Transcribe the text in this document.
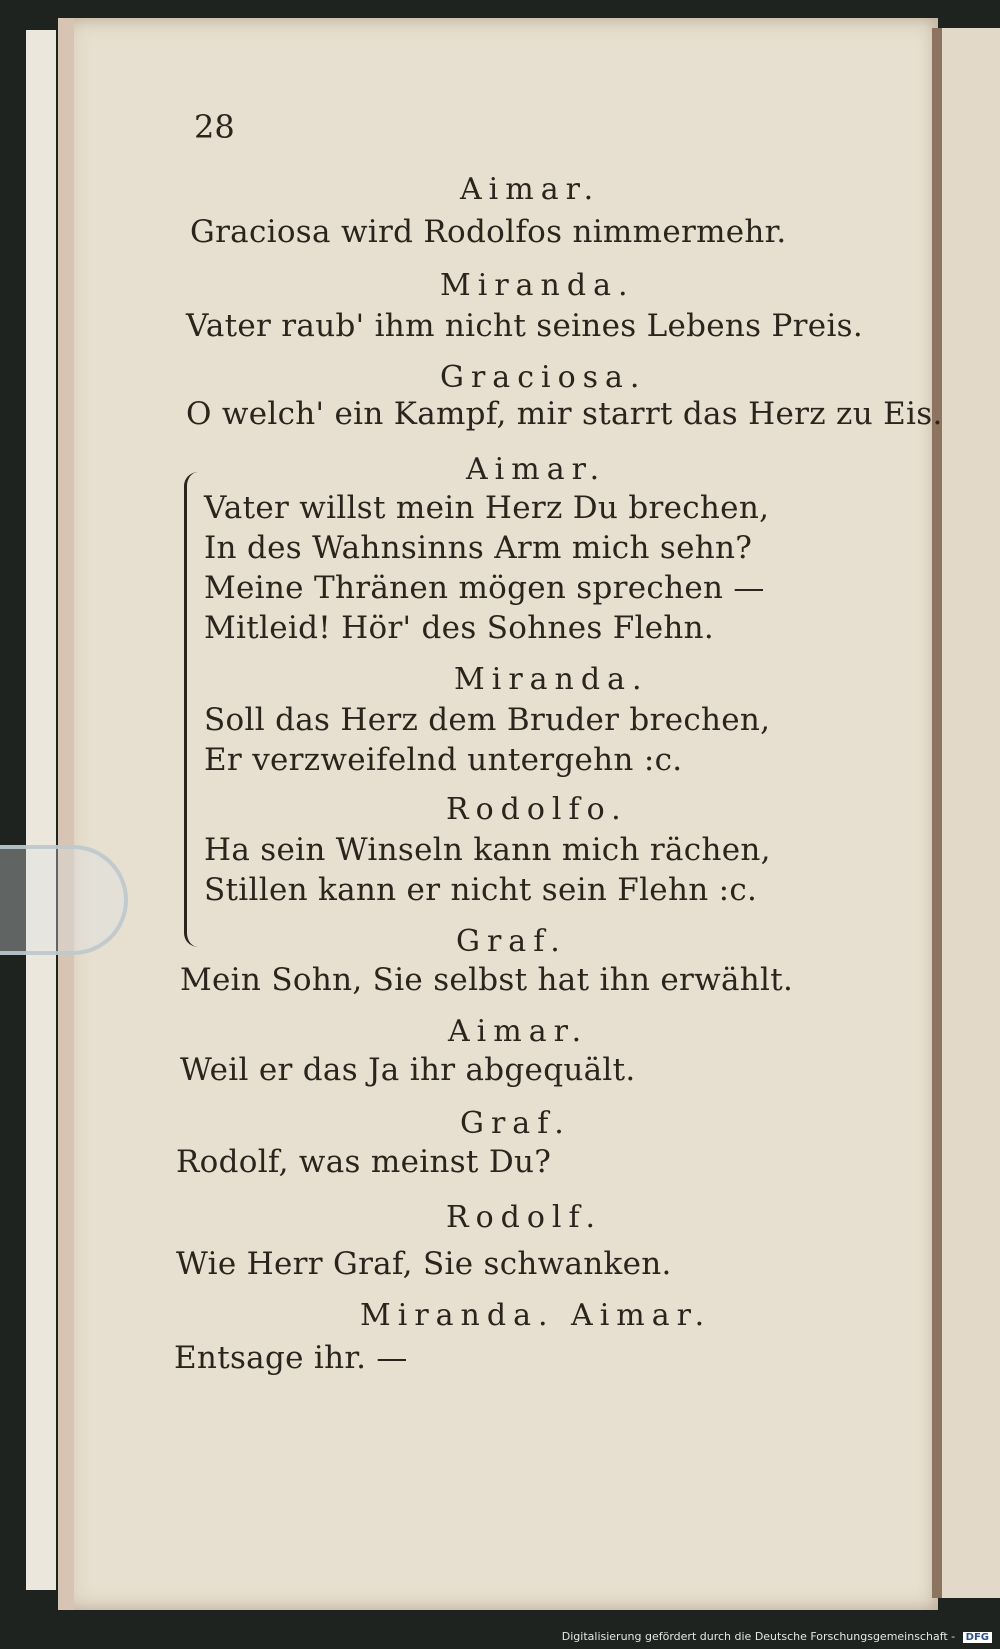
28
Aimar.
Graciosa wird Rodolfos nimmermehr.
Miranda.
Vater raub' ihm nicht seines Lebens Preis.
Graciosa.
O welch' ein Kampf, mir starrt das Herz zu Eis.
Aimar.
Vater willst mein Herz Du brechen,
In des Wahnsinns Arm mich sehn?
Meine Thränen mögen sprechen —
Mitleid! Hör' des Sohnes Flehn.
Miranda.
Soll das Herz dem Bruder brechen,
Er verzweifelnd untergehn :c.
Rodolfo.
Ha sein Winseln kann mich rächen,
Stillen kann er nicht sein Flehn :c.
Graf.
Mein Sohn, Sie selbst hat ihn erwählt.
Aimar.
Weil er das Ja ihr abgequält.
Graf.
Rodolf, was meinst Du?
Rodolf.
Wie Herr Graf, Sie schwanken.
Miranda. Aimar.
Entsage ihr. —
Digitalisierung gefördert durch die Deutsche Forschungsgemeinschaft - DFG
